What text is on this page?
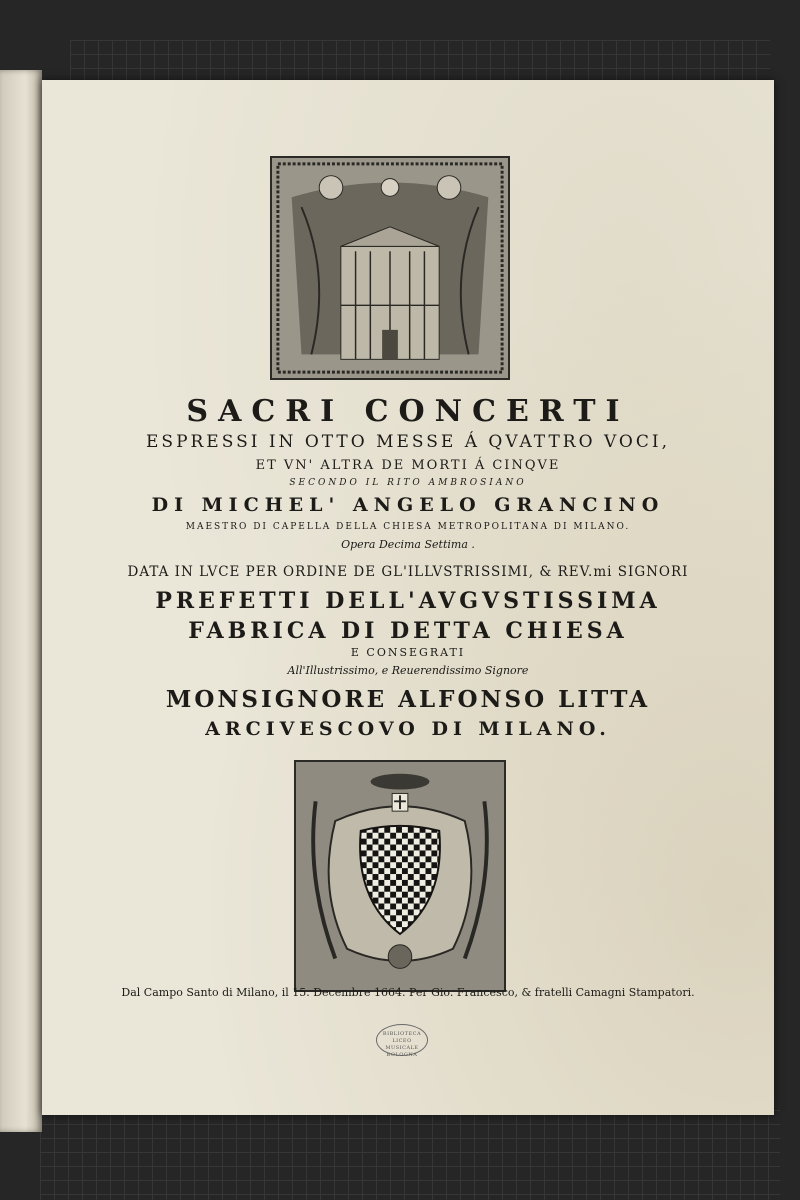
SACRI CONCERTI
ESPRESSI IN OTTO MESSE Á QVATTRO VOCI,
ET VN' ALTRA DE MORTI Á CINQVE
SECONDO IL RITO AMBROSIANO
DI MICHEL' ANGELO GRANCINO
MAESTRO DI CAPELLA DELLA CHIESA METROPOLITANA DI MILANO.
Opera Decima Settima .
DATA IN LVCE PER ORDINE DE GL'ILLVSTRISSIMI, & REV.mi SIGNORI
PREFETTI DELL'AVGVSTISSIMA
FABRICA DI DETTA CHIESA
E CONSEGRATI
All'Illustrissimo, e Reuerendissimo Signore
MONSIGNORE ALFONSO LITTA
ARCIVESCOVO DI MILANO.
Dal Campo Santo di Milano, il 15. Decembre 1664. Per Gio. Francesco, & fratelli Camagni Stampatori.
BIBLIOTECA LICEO MUSICALE BOLOGNA
